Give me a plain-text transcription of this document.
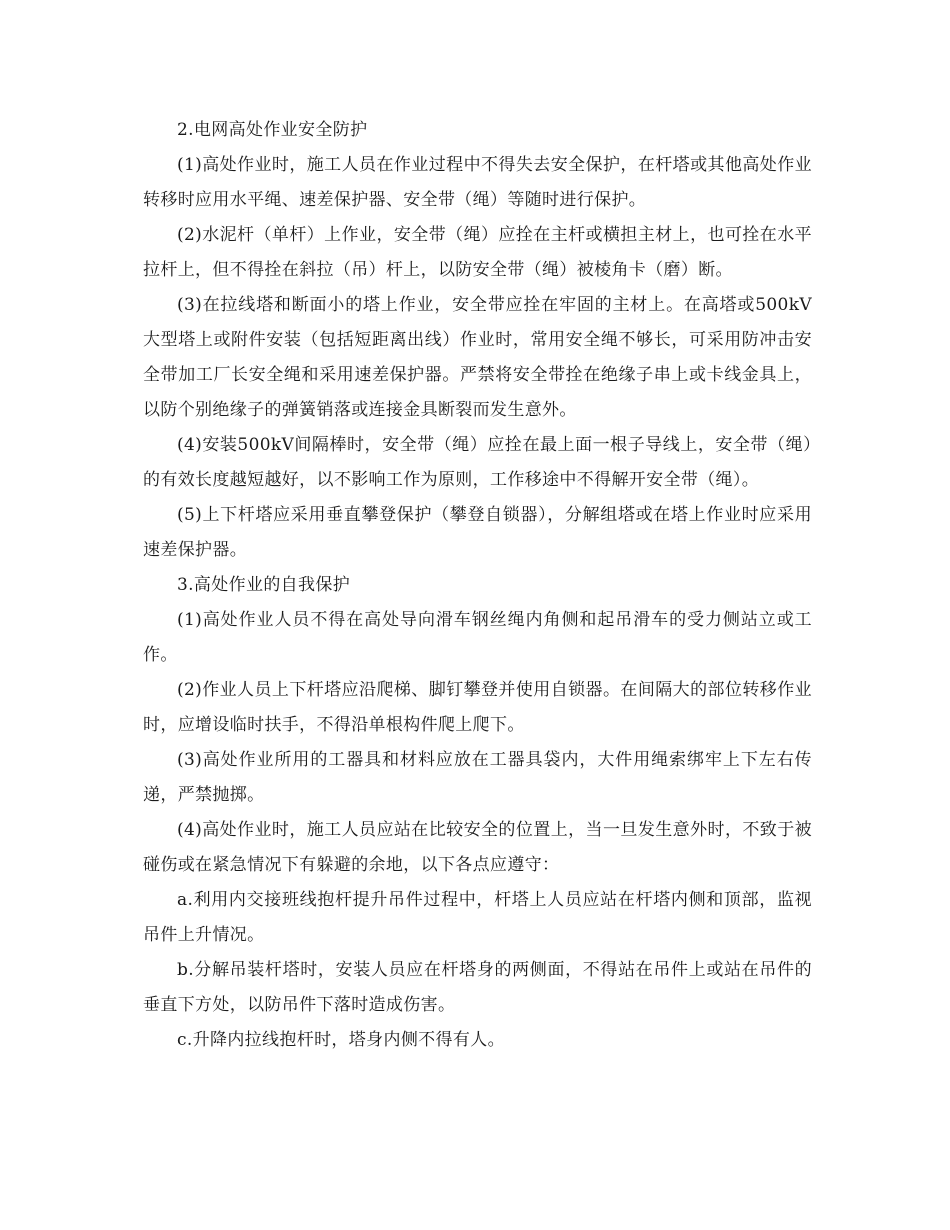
2.电网高处作业安全防护

(1)高处作业时，施工人员在作业过程中不得失去安全保护，在杆塔或其他高处作业转移时应用水平绳、速差保护器、安全带（绳）等随时进行保护。

(2)水泥杆（单杆）上作业，安全带（绳）应拴在主杆或横担主材上，也可拴在水平拉杆上，但不得拴在斜拉（吊）杆上，以防安全带（绳）被棱角卡（磨）断。

(3)在拉线塔和断面小的塔上作业，安全带应拴在牢固的主材上。在高塔或500kV大型塔上或附件安装（包括短距离出线）作业时，常用安全绳不够长，可采用防冲击安全带加工厂长安全绳和采用速差保护器。严禁将安全带拴在绝缘子串上或卡线金具上，以防个别绝缘子的弹簧销落或连接金具断裂而发生意外。

(4)安装500kV间隔棒时，安全带（绳）应拴在最上面一根子导线上，安全带（绳）的有效长度越短越好，以不影响工作为原则，工作移途中不得解开安全带（绳）。

(5)上下杆塔应采用垂直攀登保护（攀登自锁器），分解组塔或在塔上作业时应采用速差保护器。

3.高处作业的自我保护

(1)高处作业人员不得在高处导向滑车钢丝绳内角侧和起吊滑车的受力侧站立或工作。

(2)作业人员上下杆塔应沿爬梯、脚钉攀登并使用自锁器。在间隔大的部位转移作业时，应增设临时扶手，不得沿单根构件爬上爬下。

(3)高处作业所用的工器具和材料应放在工器具袋内，大件用绳索绑牢上下左右传递，严禁抛掷。

(4)高处作业时，施工人员应站在比较安全的位置上，当一旦发生意外时，不致于被碰伤或在紧急情况下有躲避的余地，以下各点应遵守：

a.利用内交接班线抱杆提升吊件过程中，杆塔上人员应站在杆塔内侧和顶部，监视吊件上升情况。

b.分解吊装杆塔时，安装人员应在杆塔身的两侧面，不得站在吊件上或站在吊件的垂直下方处，以防吊件下落时造成伤害。

c.升降内拉线抱杆时，塔身内侧不得有人。
